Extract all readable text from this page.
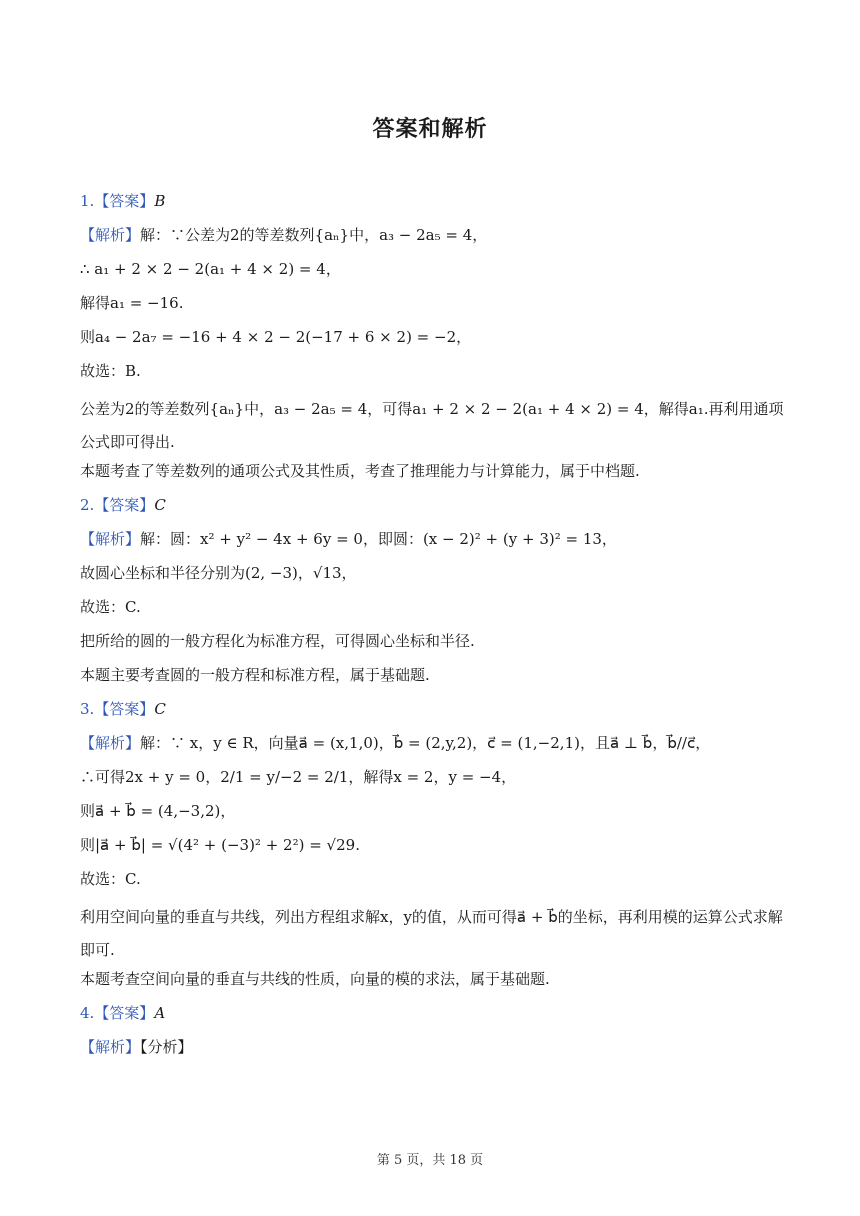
答案和解析
1.【答案】B
【解析】解：∵公差为2的等差数列{aₙ}中，a₃ − 2a₅ = 4，
∴ a₁ + 2 × 2 − 2(a₁ + 4 × 2) = 4，
解得a₁ = −16.
则a₄ − 2a₇ = −16 + 4 × 2 − 2(−17 + 6 × 2) = −2，
故选：B.
公差为2的等差数列{aₙ}中，a₃ − 2a₅ = 4，可得a₁ + 2 × 2 − 2(a₁ + 4 × 2) = 4，解得a₁.再利用通项公式即可得出.
本题考查了等差数列的通项公式及其性质，考查了推理能力与计算能力，属于中档题.
2.【答案】C
【解析】解：圆：x² + y² − 4x + 6y = 0，即圆：(x − 2)² + (y + 3)² = 13，
故圆心坐标和半径分别为(2, −3)，√13，
故选：C.
把所给的圆的一般方程化为标准方程，可得圆心坐标和半径.
本题主要考查圆的一般方程和标准方程，属于基础题.
3.【答案】C
【解析】解：∵ x，y ∈ R，向量a⃗ = (x,1,0)，b⃗ = (2,y,2)，c⃗ = (1,−2,1)，且a⃗ ⊥ b⃗，b⃗//c⃗，
∴可得2x + y = 0，2/1 = y/−2 = 2/1，解得x = 2，y = −4，
则a⃗ + b⃗ = (4,−3,2)，
则|a⃗ + b⃗| = √(4² + (−3)² + 2²) = √29.
故选：C.
利用空间向量的垂直与共线，列出方程组求解x，y的值，从而可得a⃗ + b⃗的坐标，再利用模的运算公式求解即可.
本题考查空间向量的垂直与共线的性质，向量的模的求法，属于基础题.
4.【答案】A
【解析】【分析】
第 5 页，共 18 页
